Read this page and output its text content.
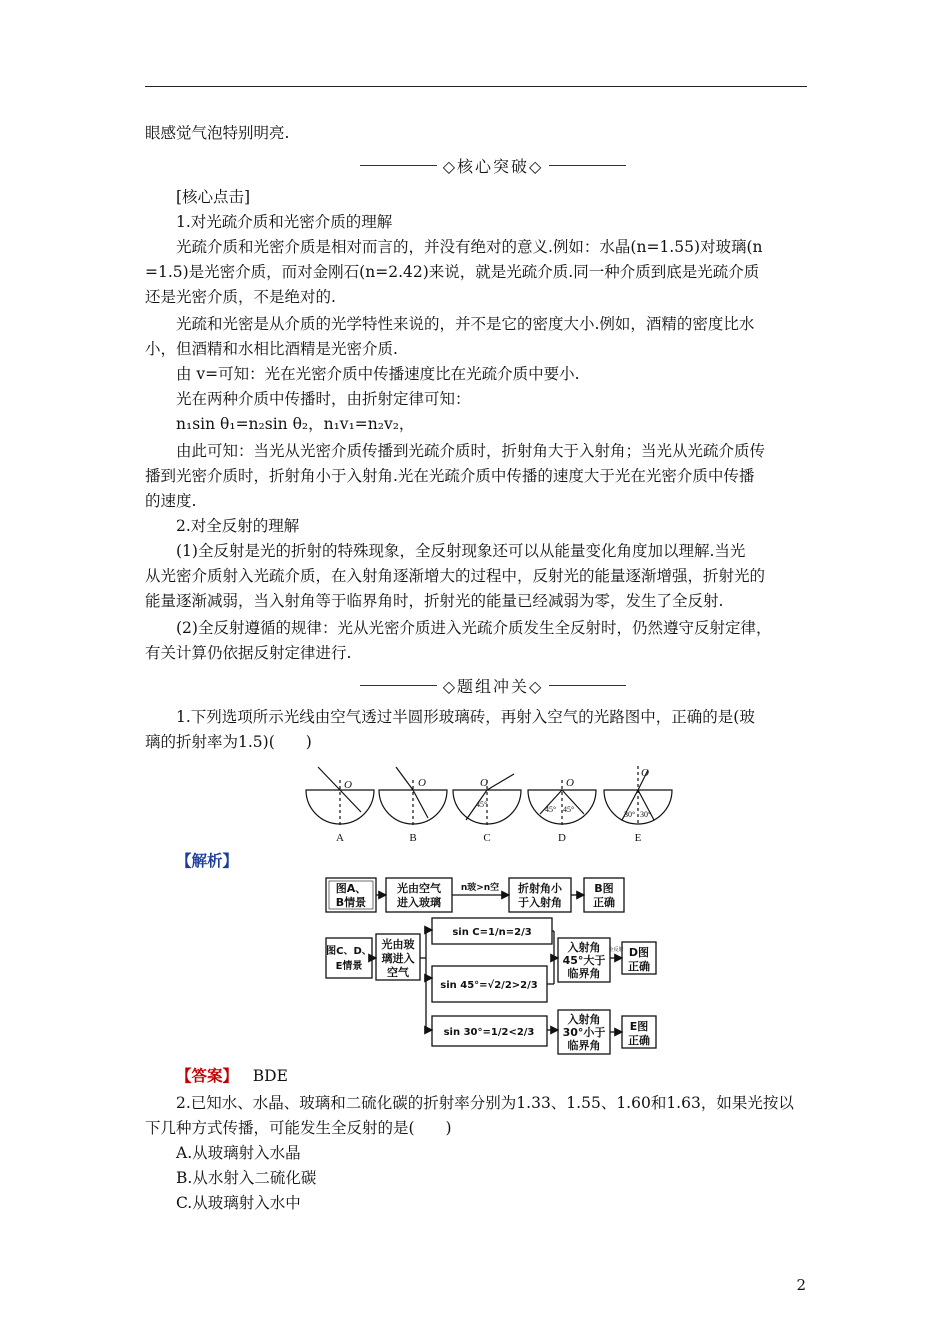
眼感觉气泡特别明亮.
◇核心突破◇
[核心点击]
1.对光疏介质和光密介质的理解
光疏介质和光密介质是相对而言的，并没有绝对的意义.例如：水晶(n=1.55)对玻璃(n
=1.5)是光密介质，而对金刚石(n=2.42)来说，就是光疏介质.同一种介质到底是光疏介质
还是光密介质，不是绝对的.
光疏和光密是从介质的光学特性来说的，并不是它的密度大小.例如，酒精的密度比水
小，但酒精和水相比酒精是光密介质.
由 v=可知：光在光密介质中传播速度比在光疏介质中要小.
光在两种介质中传播时，由折射定律可知：
n₁sin θ₁=n₂sin θ₂，n₁v₁=n₂v₂，
由此可知：当光从光密介质传播到光疏介质时，折射角大于入射角；当光从光疏介质传
播到光密介质时，折射角小于入射角.光在光疏介质中传播的速度大于光在光密介质中传播
的速度.
2.对全反射的理解
(1)全反射是光的折射的特殊现象，全反射现象还可以从能量变化角度加以理解.当光
从光密介质射入光疏介质，在入射角逐渐增大的过程中，反射光的能量逐渐增强，折射光的
能量逐渐减弱，当入射角等于临界角时，折射光的能量已经减弱为零，发生了全反射.
(2)全反射遵循的规律：光从光密介质进入光疏介质发生全反射时，仍然遵守反射定律，
有关计算仍依据反射定律进行.
◇题组冲关◇
1.下列选项所示光线由空气透过半圆形玻璃砖，再射入空气的光路图中，正确的是(玻
璃的折射率为1.5)(　　)
O	O	O	O
O
45°
45° 45°
30° 30°
A	B	C	D	E
【解析】
图A、
B情景
光由空气
进入玻璃
n玻>n空 折射角小
于入射角
B图
正确
图C、D、
E情景
光由玻
璃进入
空气
sin C=1/n=2/3
sin 45°=√2/2>2/3
sin 30°=1/2<2/3
入射角
45°大于
临界角
全反射 D图
正确
入射角
30°小于
临界角
E图
正确
【答案】 BDE
2.已知水、水晶、玻璃和二硫化碳的折射率分别为1.33、1.55、1.60和1.63，如果光按以
下几种方式传播，可能发生全反射的是(　　)
A.从玻璃射入水晶
B.从水射入二硫化碳
C.从玻璃射入水中
2
